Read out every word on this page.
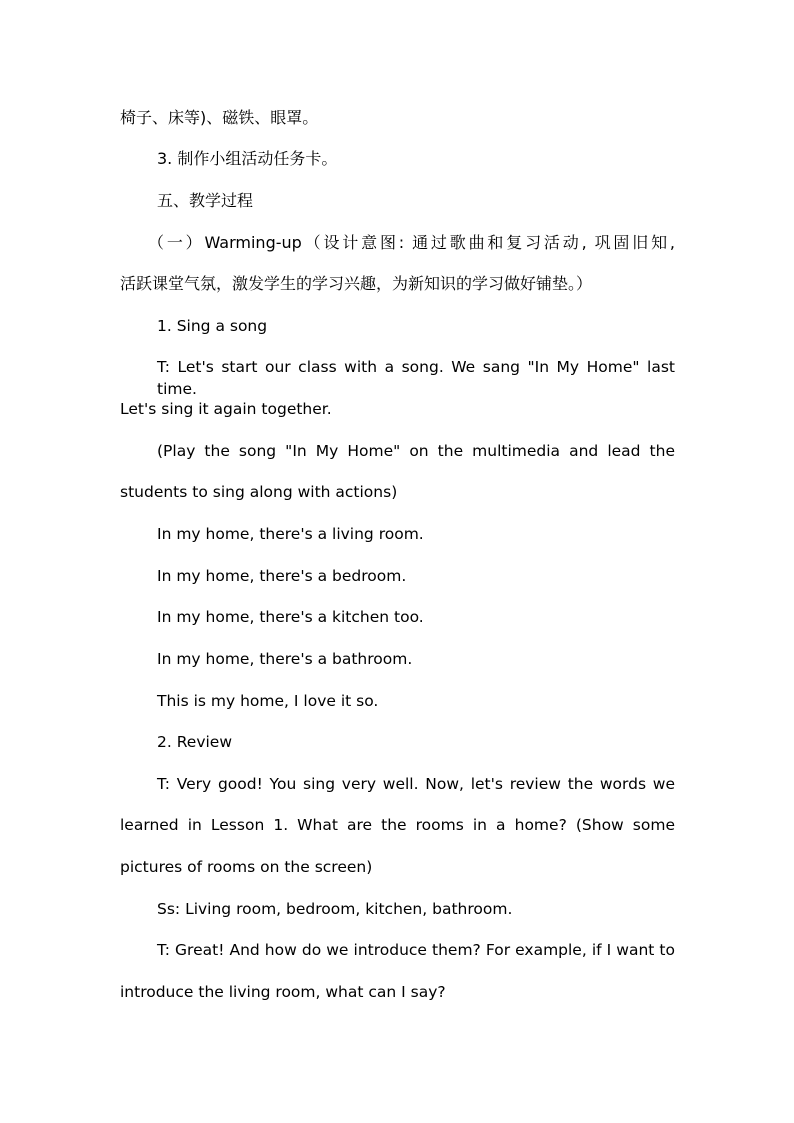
椅子、床等)、磁铁、眼罩。
3. 制作小组活动任务卡。
五、教学过程
（一）Warming-up（设计意图: 通过歌曲和复习活动, 巩固旧知,
活跃课堂气氛，激发学生的学习兴趣，为新知识的学习做好铺垫。）
1. Sing a song
T: Let's start our class with a song. We sang "In My Home" last time.
Let's sing it again together.
(Play the song "In My Home" on the multimedia and lead the
students to sing along with actions)
In my home, there's a living room.
In my home, there's a bedroom.
In my home, there's a kitchen too.
In my home, there's a bathroom.
This is my home, I love it so.
2. Review
T: Very good! You sing very well. Now, let's review the words we
learned in Lesson 1. What are the rooms in a home? (Show some
pictures of rooms on the screen)
Ss: Living room, bedroom, kitchen, bathroom.
T: Great! And how do we introduce them? For example, if I want to
introduce the living room, what can I say?
